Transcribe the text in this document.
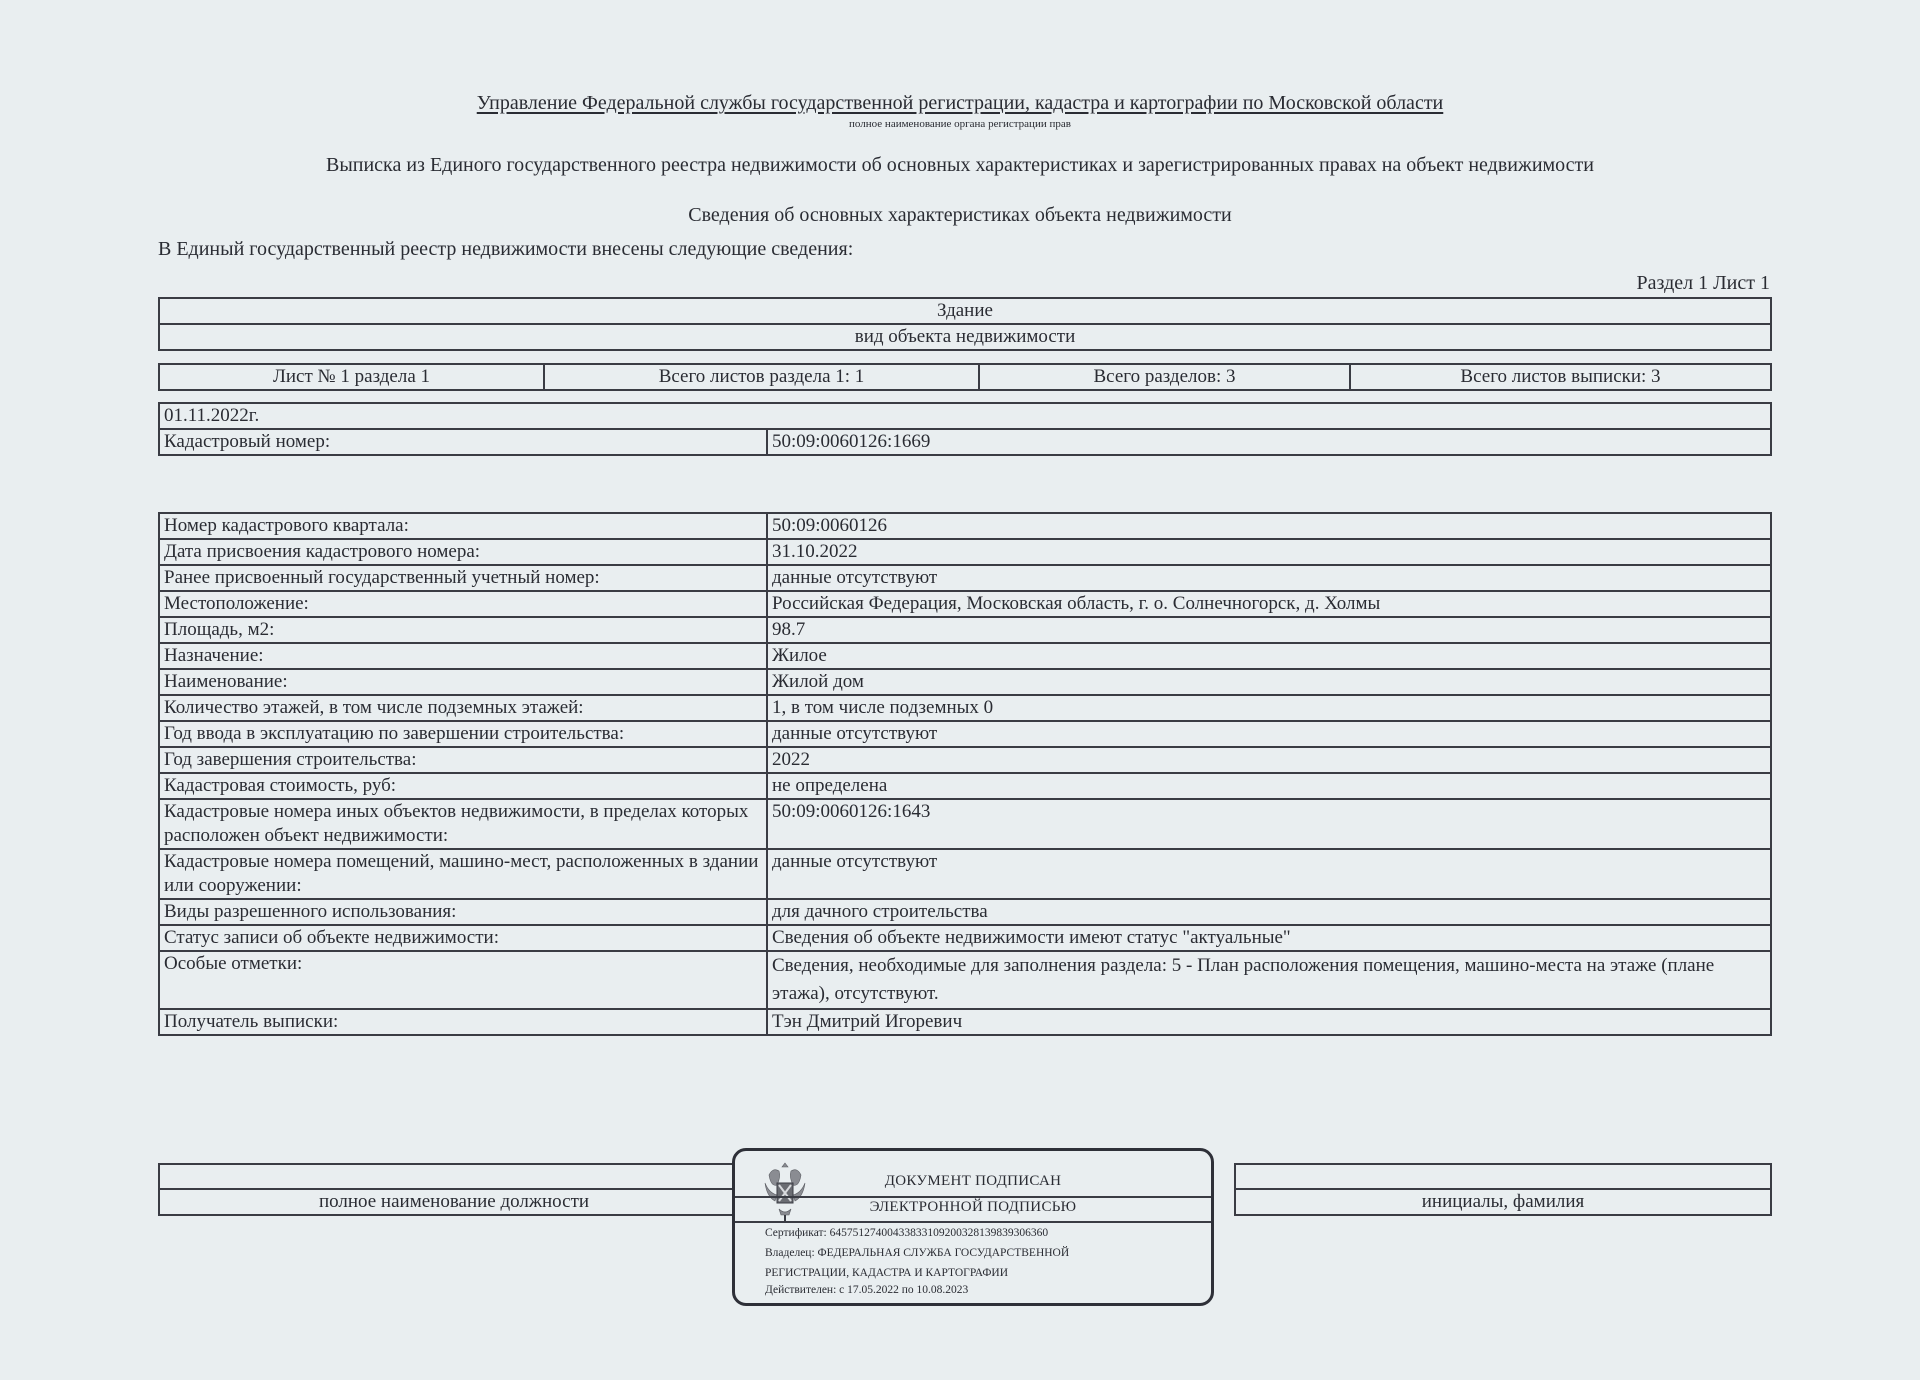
Управление Федеральной службы государственной регистрации, кадастра и картографии по Московской области
полное наименование органа регистрации прав
Выписка из Единого государственного реестра недвижимости об основных характеристиках и зарегистрированных правах на объект недвижимости
Сведения об основных характеристиках объекта недвижимости
В Единый государственный реестр недвижимости внесены следующие сведения:
Раздел 1 Лист 1
Здание
вид объекта недвижимости
Лист № 1 раздела 1	Всего листов раздела 1: 1	Всего разделов: 3	Всего листов выписки: 3
01.11.2022г.
Кадастровый номер:	50:09:0060126:1669
Номер кадастрового квартала:	50:09:0060126
Дата присвоения кадастрового номера:	31.10.2022
Ранее присвоенный государственный учетный номер:	данные отсутствуют
Местоположение:	Российская Федерация, Московская область, г. о. Солнечногорск, д. Холмы
Площадь, м2:	98.7
Назначение:	Жилое
Наименование:	Жилой дом
Количество этажей, в том числе подземных этажей:	1, в том числе подземных 0
Год ввода в эксплуатацию по завершении строительства:	данные отсутствуют
Год завершения строительства:	2022
Кадастровая стоимость, руб:	не определена
Кадастровые номера иных объектов недвижимости, в пределах которых расположен объект недвижимости:	50:09:0060126:1643
Кадастровые номера помещений, машино-мест, расположенных в здании или сооружении:	данные отсутствуют
Виды разрешенного использования:	для дачного строительства
Статус записи об объекте недвижимости:	Сведения об объекте недвижимости имеют статус "актуальные"
Особые отметки:	Сведения, необходимые для заполнения раздела: 5 - План расположения помещения, машино-места на этаже (плане этажа), отсутствуют.
Получатель выписки:	Тэн Дмитрий Игоревич

полное наименование должности		инициалы, фамилия
ДОКУМЕНТ ПОДПИСАН
ЭЛЕКТРОННОЙ ПОДПИСЬЮ
Сертификат: 64575127400433833109200328139839306360
Владелец: ФЕДЕРАЛЬНАЯ СЛУЖБА ГОСУДАРСТВЕННОЙ
РЕГИСТРАЦИИ, КАДАСТРА И КАРТОГРАФИИ
Действителен: с 17.05.2022 по 10.08.2023
